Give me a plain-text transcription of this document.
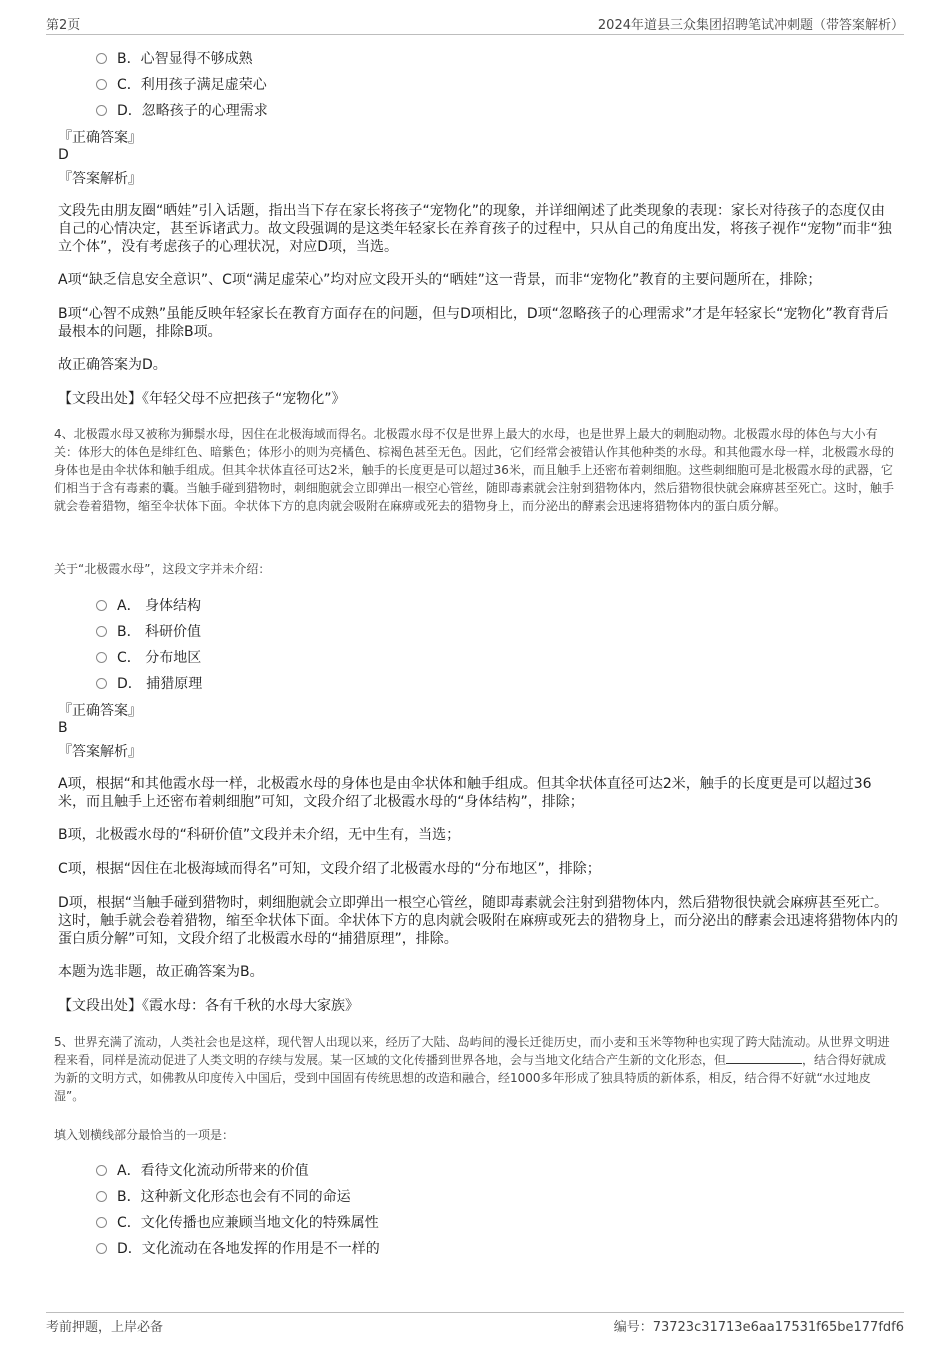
第2页	2024年道县三众集团招聘笔试冲刺题（带答案解析）
B．心智显得不够成熟
C．利用孩子满足虚荣心
D．忽略孩子的心理需求
『正确答案』
D
『答案解析』
文段先由朋友圈“晒娃”引入话题，指出当下存在家长将孩子“宠物化”的现象，并详细阐述了此类现象的表现：家长对待孩子的态度仅由自己的心情决定，甚至诉诸武力。故文段强调的是这类年轻家长在养育孩子的过程中，只从自己的角度出发，将孩子视作“宠物”而非“独立个体”，没有考虑孩子的心理状况，对应D项，当选。
A项“缺乏信息安全意识”、C项“满足虚荣心”均对应文段开头的“晒娃”这一背景，而非“宠物化”教育的主要问题所在，排除；
B项“心智不成熟”虽能反映年轻家长在教育方面存在的问题，但与D项相比，D项“忽略孩子的心理需求”才是年轻家长“宠物化”教育背后最根本的问题，排除B项。
故正确答案为D。
【文段出处】《年轻父母不应把孩子“宠物化”》
4、北极霞水母又被称为狮鬃水母，因住在北极海域而得名。北极霞水母不仅是世界上最大的水母，也是世界上最大的刺胞动物。北极霞水母的体色与大小有关：体形大的体色是绯红色、暗紫色；体形小的则为亮橘色、棕褐色甚至无色。因此，它们经常会被错认作其他种类的水母。和其他霞水母一样，北极霞水母的身体也是由伞状体和触手组成。但其伞状体直径可达2米，触手的长度更是可以超过36米，而且触手上还密布着刺细胞。这些刺细胞可是北极霞水母的武器，它们相当于含有毒素的囊。当触手碰到猎物时，刺细胞就会立即弹出一根空心管丝，随即毒素就会注射到猎物体内，然后猎物很快就会麻痹甚至死亡。这时，触手就会卷着猎物，缩至伞状体下面。伞状体下方的息肉就会吸附在麻痹或死去的猎物身上，而分泌出的酵素会迅速将猎物体内的蛋白质分解。
关于“北极霞水母”，这段文字并未介绍：
A． 身体结构
B． 科研价值
C． 分布地区
D． 捕猎原理
『正确答案』
B
『答案解析』
A项，根据“和其他霞水母一样，北极霞水母的身体也是由伞状体和触手组成。但其伞状体直径可达2米，触手的长度更是可以超过36米，而且触手上还密布着刺细胞”可知，文段介绍了北极霞水母的“身体结构”，排除；
B项，北极霞水母的“科研价值”文段并未介绍，无中生有，当选；
C项，根据“因住在北极海域而得名”可知，文段介绍了北极霞水母的“分布地区”，排除；
D项，根据“当触手碰到猎物时，刺细胞就会立即弹出一根空心管丝，随即毒素就会注射到猎物体内，然后猎物很快就会麻痹甚至死亡。这时，触手就会卷着猎物，缩至伞状体下面。伞状体下方的息肉就会吸附在麻痹或死去的猎物身上，而分泌出的酵素会迅速将猎物体内的蛋白质分解”可知，文段介绍了北极霞水母的“捕猎原理”，排除。
本题为选非题，故正确答案为B。
【文段出处】《霞水母：各有千秋的水母大家族》
5、世界充满了流动，人类社会也是这样，现代智人出现以来，经历了大陆、岛屿间的漫长迁徙历史，而小麦和玉米等物种也实现了跨大陆流动。从世界文明进程来看，同样是流动促进了人类文明的存续与发展。某一区域的文化传播到世界各地，会与当地文化结合产生新的文化形态，但	，结合得好就成为新的文明方式，如佛教从印度传入中国后，受到中国固有传统思想的改造和融合，经1000多年形成了独具特质的新体系，相反，结合得不好就“水过地皮湿”。
填入划横线部分最恰当的一项是：
A．看待文化流动所带来的价值
B．这种新文化形态也会有不同的命运
C．文化传播也应兼顾当地文化的特殊属性
D．文化流动在各地发挥的作用是不一样的
考前押题，上岸必备	编号：73723c31713e6aa17531f65be177fdf6
